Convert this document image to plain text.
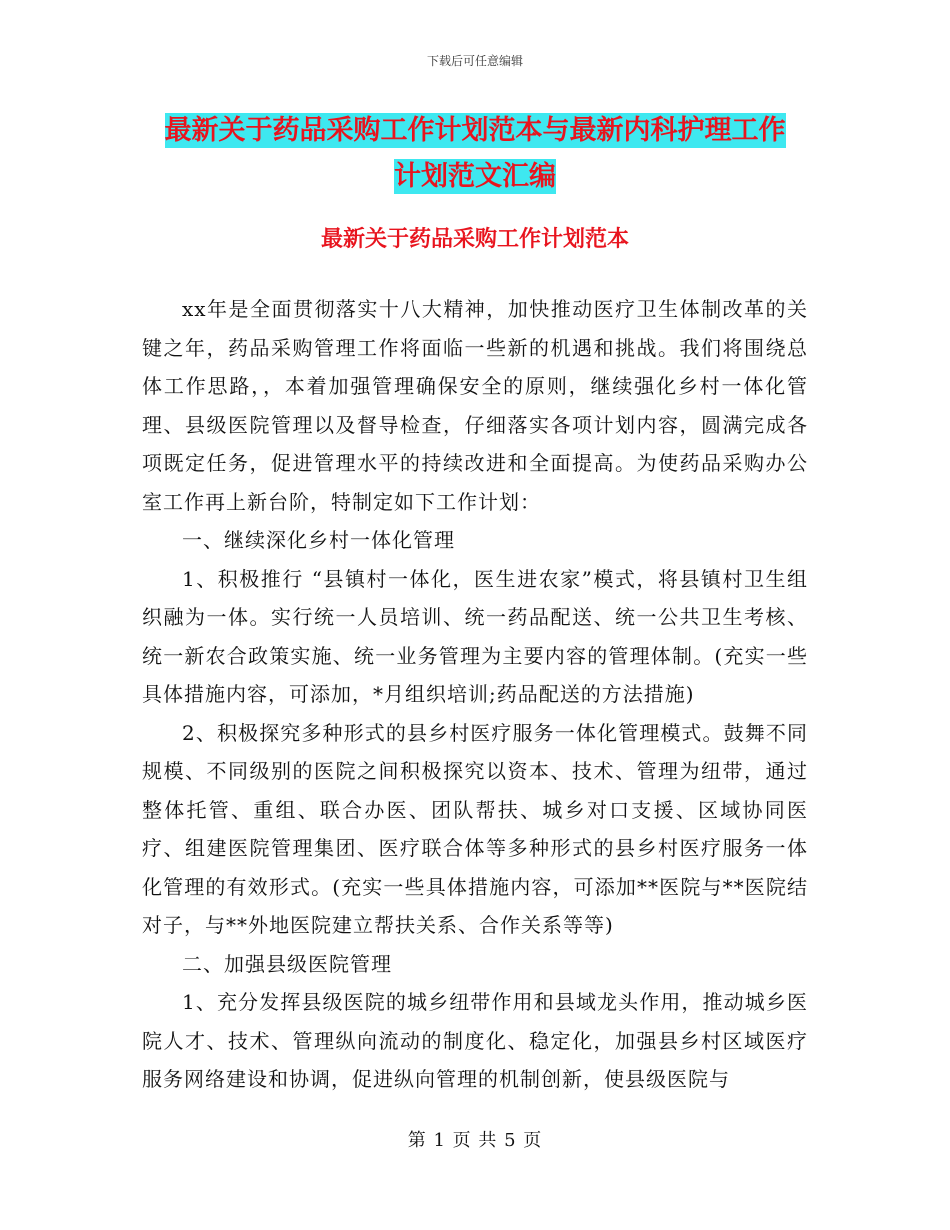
下载后可任意编辑
最新关于药品采购工作计划范本与最新内科护理工作
计划范文汇编
最新关于药品采购工作计划范本

xx年是全面贯彻落实十八大精神，加快推动医疗卫生体制改革的关键之年，药品采购管理工作将面临一些新的机遇和挑战。我们将围绕总体工作思路，，本着加强管理确保安全的原则，继续强化乡村一体化管理、县级医院管理以及督导检查，仔细落实各项计划内容，圆满完成各项既定任务，促进管理水平的持续改进和全面提高。为使药品采购办公室工作再上新台阶，特制定如下工作计划：

一、继续深化乡村一体化管理

1、积极推行 “县镇村一体化，医生进农家”模式，将县镇村卫生组织融为一体。实行统一人员培训、统一药品配送、统一公共卫生考核、统一新农合政策实施、统一业务管理为主要内容的管理体制。(充实一些具体措施内容，可添加，*月组织培训;药品配送的方法措施)

2、积极探究多种形式的县乡村医疗服务一体化管理模式。鼓舞不同规模、不同级别的医院之间积极探究以资本、技术、管理为纽带，通过整体托管、重组、联合办医、团队帮扶、城乡对口支援、区域协同医疗、组建医院管理集团、医疗联合体等多种形式的县乡村医疗服务一体化管理的有效形式。(充实一些具体措施内容，可添加**医院与**医院结对子，与**外地医院建立帮扶关系、合作关系等等)

二、加强县级医院管理

1、充分发挥县级医院的城乡纽带作用和县域龙头作用，推动城乡医院人才、技术、管理纵向流动的制度化、稳定化，加强县乡村区域医疗服务网络建设和协调，促进纵向管理的机制创新，使县级医院与

第 1 页 共 5 页
